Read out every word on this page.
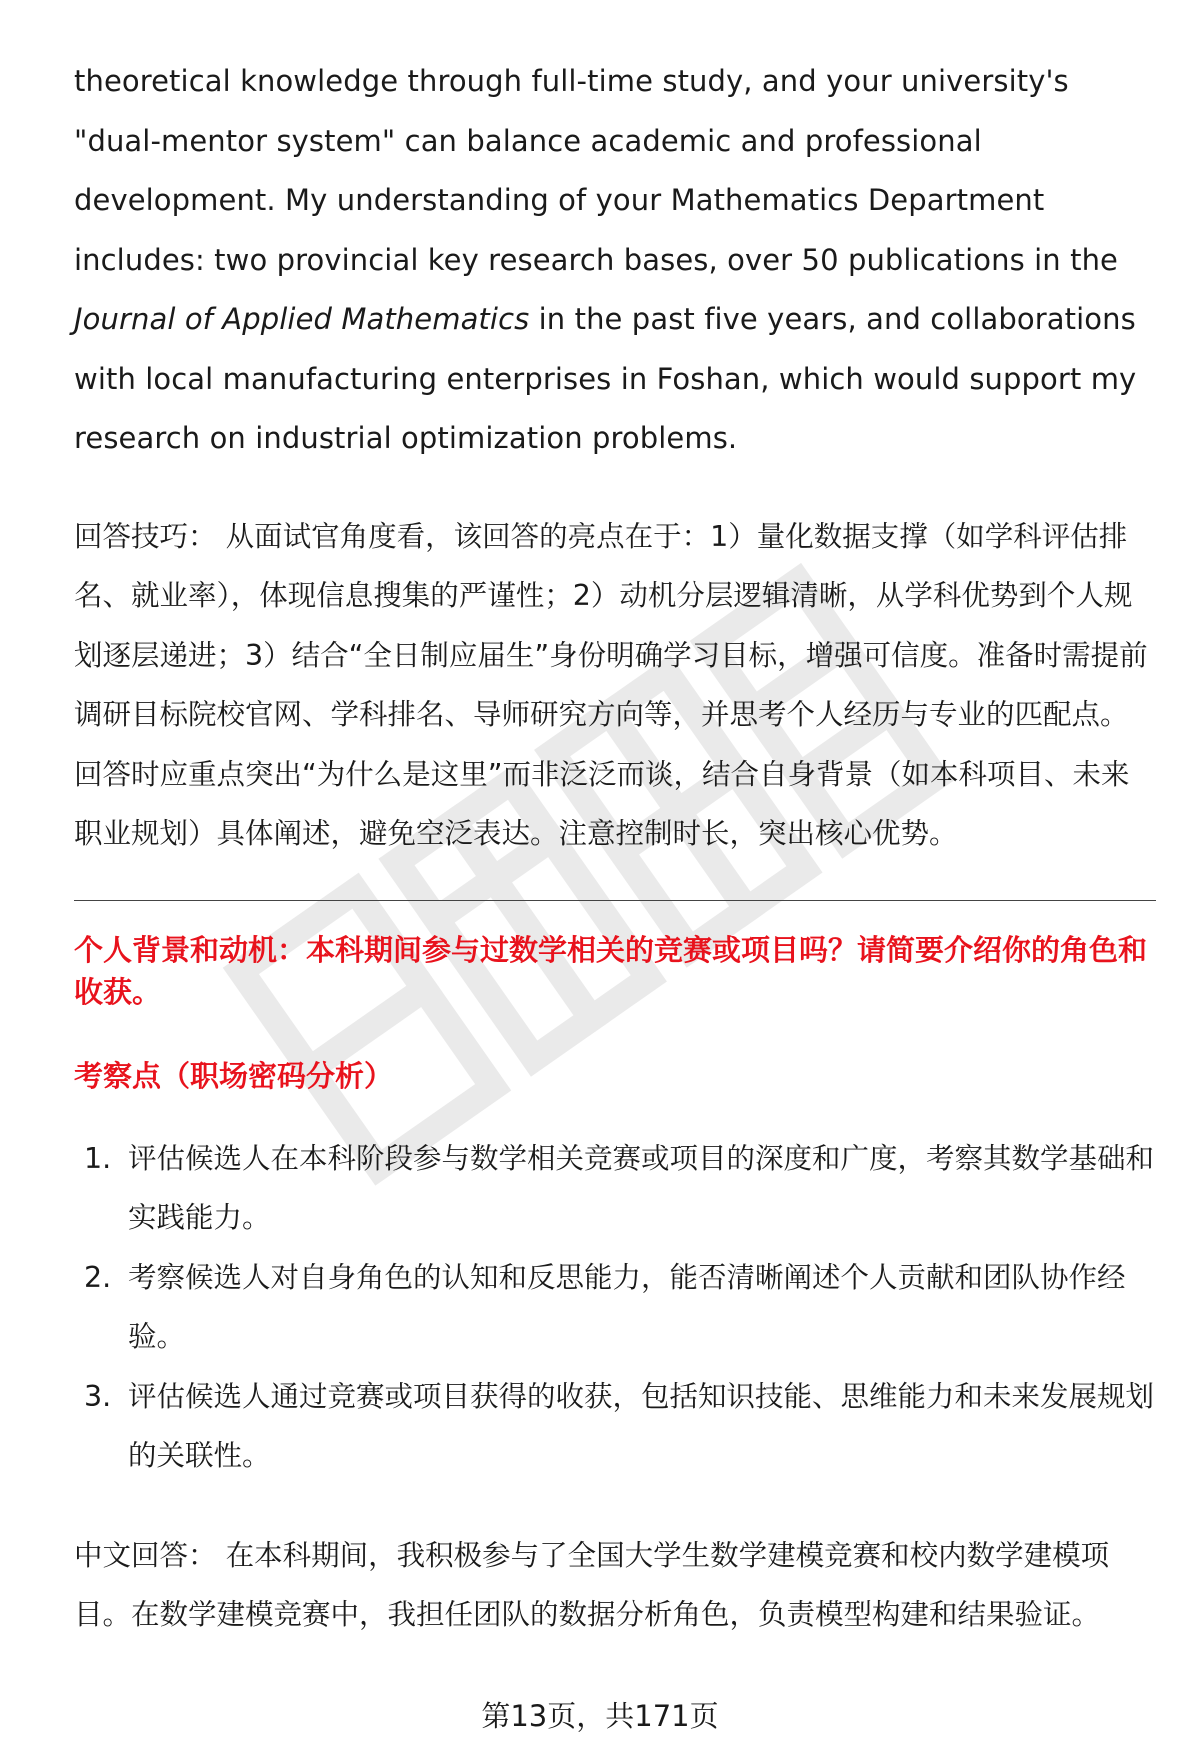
theoretical knowledge through full-time study, and your university's "dual-mentor system" can balance academic and professional development. My understanding of your Mathematics Department includes: two provincial key research bases, over 50 publications in the Journal of Applied Mathematics in the past five years, and collaborations with local manufacturing enterprises in Foshan, which would support my research on industrial optimization problems.

回答技巧： 从面试官角度看，该回答的亮点在于：1）量化数据支撑（如学科评估排名、就业率），体现信息搜集的严谨性；2）动机分层逻辑清晰，从学科优势到个人规划逐层递进；3）结合“全日制应届生”身份明确学习目标，增强可信度。准备时需提前调研目标院校官网、学科排名、导师研究方向等，并思考个人经历与专业的匹配点。回答时应重点突出“为什么是这里”而非泛泛而谈，结合自身背景（如本科项目、未来职业规划）具体阐述，避免空泛表达。注意控制时长，突出核心优势。

个人背景和动机：本科期间参与过数学相关的竞赛或项目吗？请简要介绍你的角色和收获。

考察点（职场密码分析）

1. 评估候选人在本科阶段参与数学相关竞赛或项目的深度和广度，考察其数学基础和实践能力。
2. 考察候选人对自身角色的认知和反思能力，能否清晰阐述个人贡献和团队协作经验。
3. 评估候选人通过竞赛或项目获得的收获，包括知识技能、思维能力和未来发展规划的关联性。

中文回答： 在本科期间，我积极参与了全国大学生数学建模竞赛和校内数学建模项目。在数学建模竞赛中，我担任团队的数据分析角色，负责模型构建和结果验证。

第13页，共171页
